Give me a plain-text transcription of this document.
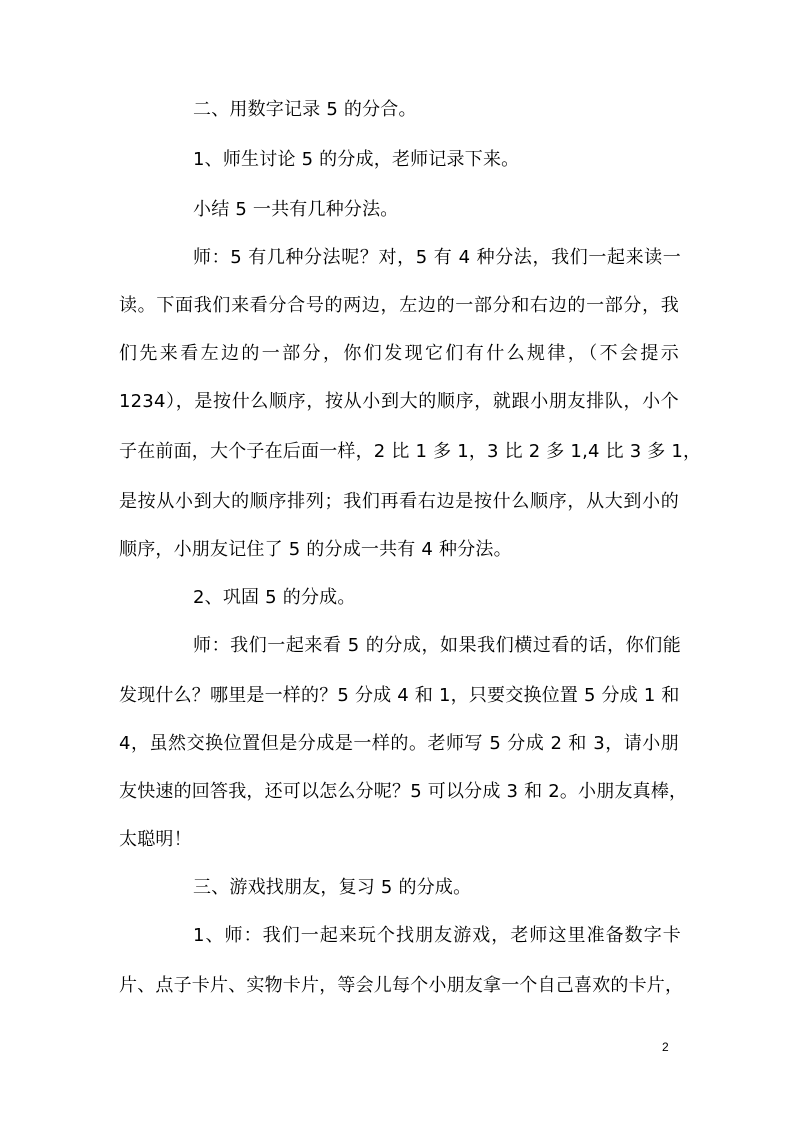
二、用数字记录 5 的分合。
1、师生讨论 5 的分成，老师记录下来。
小结 5 一共有几种分法。
师：5 有几种分法呢？对，5 有 4 种分法，我们一起来读一
读。下面我们来看分合号的两边，左边的一部分和右边的一部分，我
们先来看左边的一部分，你们发现它们有什么规律，（不会提示
1234），是按什么顺序，按从小到大的顺序，就跟小朋友排队，小个
子在前面，大个子在后面一样，2 比 1 多 1，3 比 2 多 1,4 比 3 多 1，
是按从小到大的顺序排列；我们再看右边是按什么顺序，从大到小的
顺序，小朋友记住了 5 的分成一共有 4 种分法。
2、巩固 5 的分成。
师：我们一起来看 5 的分成，如果我们横过看的话，你们能
发现什么？哪里是一样的？5 分成 4 和 1，只要交换位置 5 分成 1 和
4，虽然交换位置但是分成是一样的。老师写 5 分成 2 和 3，请小朋
友快速的回答我，还可以怎么分呢？5 可以分成 3 和 2。小朋友真棒，
太聪明！
三、游戏找朋友，复习 5 的分成。
1、师：我们一起来玩个找朋友游戏，老师这里准备数字卡
片、点子卡片、实物卡片，等会儿每个小朋友拿一个自己喜欢的卡片，
2
